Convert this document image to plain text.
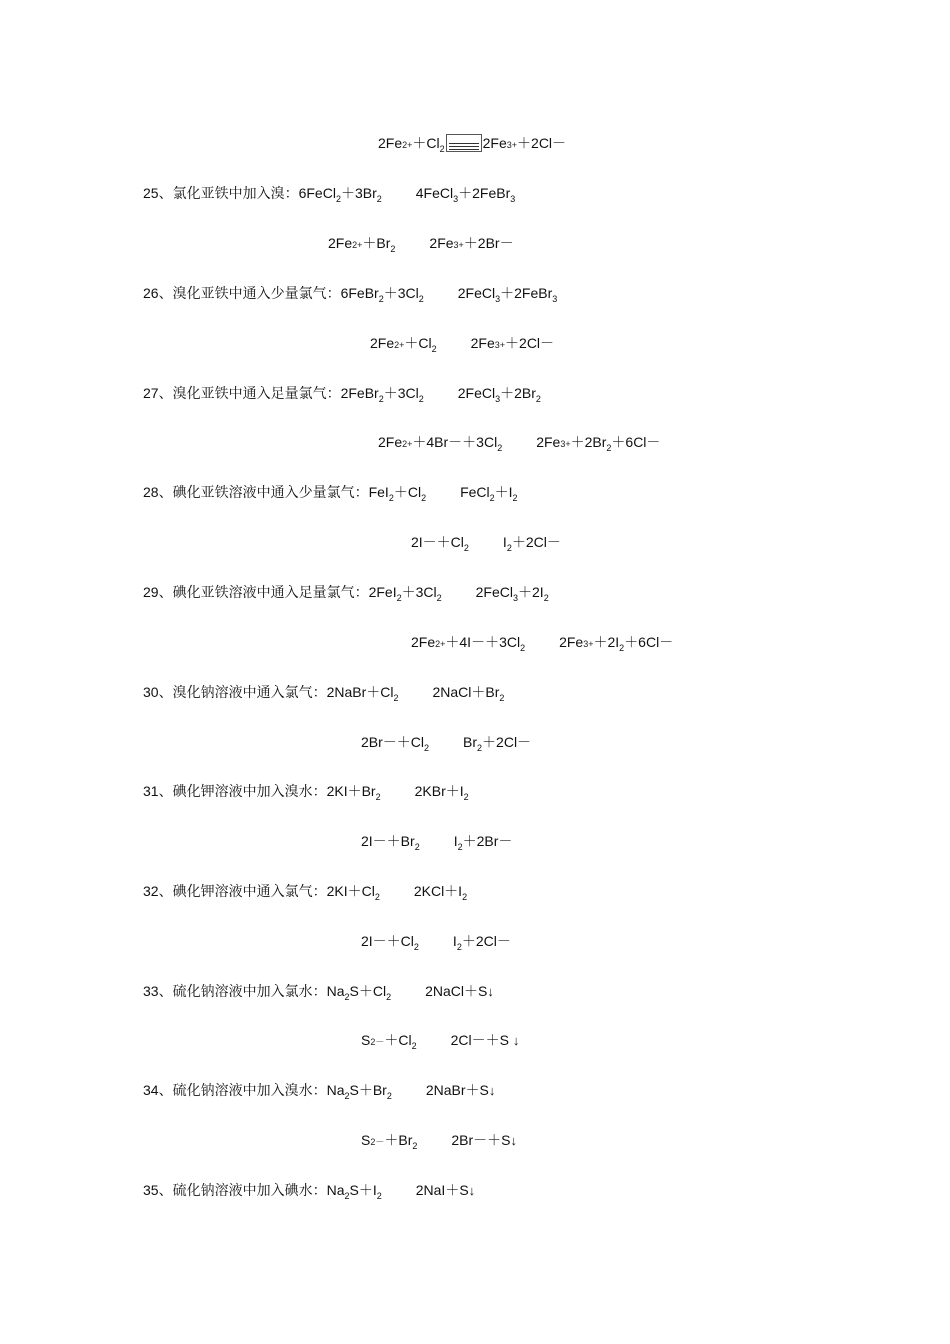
$2Fe2++Cl_2$	2Fe3+＋2Cl－
25、氯化亚铁中加入溴：$6FeCl_2+3Br_2$ 4FeCl$_3$＋2FeBr$_3$
$2Fe2++Br_2$ 2Fe3+＋2Br－
26、溴化亚铁中通入少量氯气：$6FeBr_2+3Cl_2$ 2FeCl$_3$＋2FeBr$_3$
$2Fe2++Cl_2$ 2Fe3+＋2Cl－
27、溴化亚铁中通入足量氯气：$2FeBr_2+3Cl_2$ $2FeCl_3+2Br_2$
$2Fe2++4Br-+3Cl_2$ $2Fe3++2Br_2+6Cl-$
28、碘化亚铁溶液中通入少量氯气：$FeI_2+Cl_2$ $FeCl_2+I_2$
$2I-+Cl_2$ $I_2+2Cl-$
29、碘化亚铁溶液中通入足量氯气：$2FeI_2+3Cl_2$ $2FeCl_3+2I_2$
$2Fe2++4I-+3Cl_2$ $2Fe3++2I_2+6Cl-$
30、溴化钠溶液中通入氯气：$2NaBr+Cl_2$ $2NaCl+Br_2$
$2Br-+Cl_2$ $Br_2+2Cl-$
31、碘化钾溶液中加入溴水：$2KI+Br_2$ $2KBr+I_2$
$2I-+Br_2$ $I_2+2Br-$
32、碘化钾溶液中通入氯气：$2KI+Cl_2$ $2KCl+I_2$
$2I-+Cl_2$ $I_2+2Cl-$
33、硫化钠溶液中加入氯水：$Na_2S+Cl_2$ 2NaCl＋S↓
$S2-+Cl_2$ 2Cl－＋S ↓
34、硫化钠溶液中加入溴水：$Na_2S+Br_2$ 2NaBr＋S↓
$S2-+Br_2$ 2Br－＋S↓
35、硫化钠溶液中加入碘水：$Na_2S+I_2$ 2NaI＋S↓
